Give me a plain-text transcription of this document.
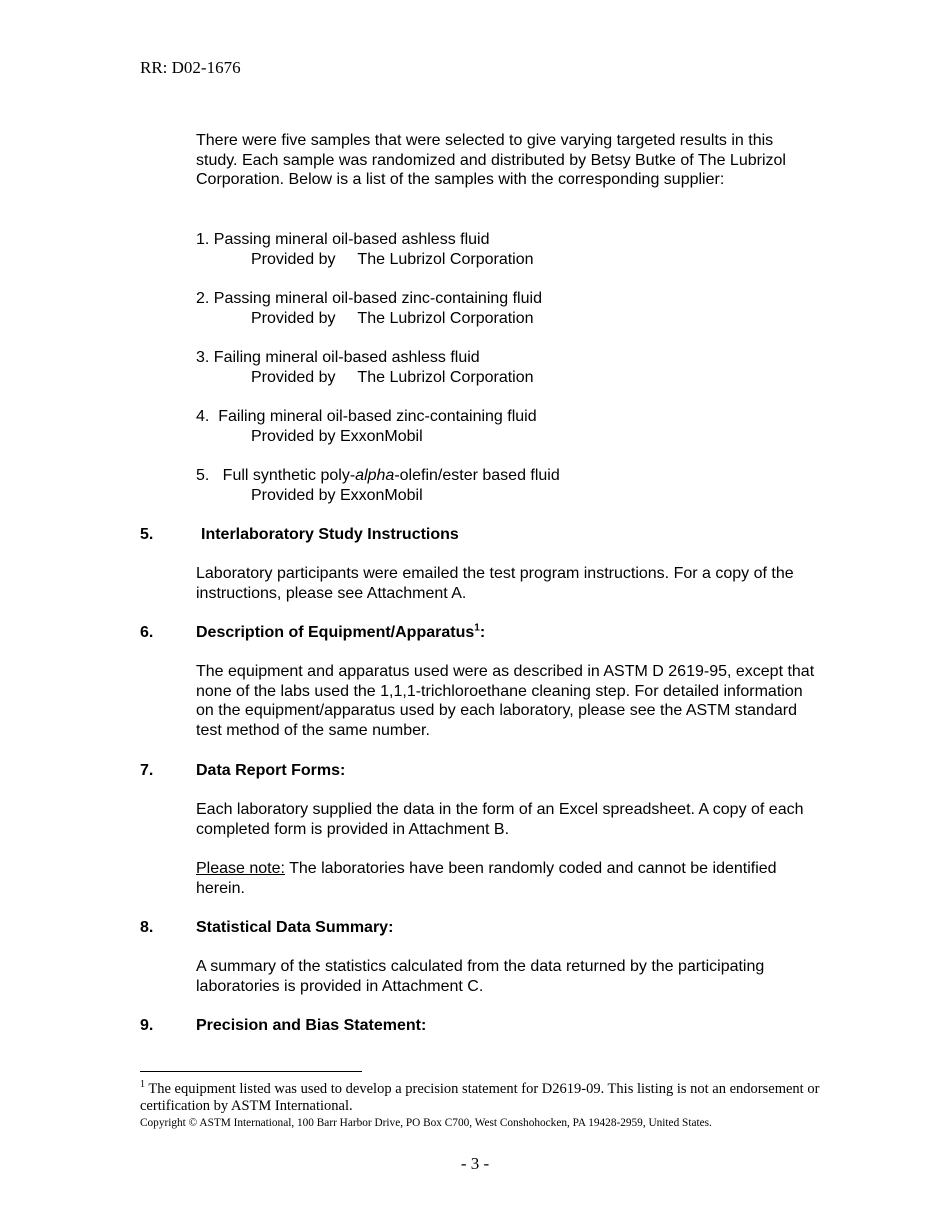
RR: D02-1676
There were five samples that were selected to give varying targeted results in this study. Each sample was randomized and distributed by Betsy Butke of The Lubrizol Corporation. Below is a list of the samples with the corresponding supplier:
1. Passing mineral oil-based ashless fluid
Provided by     The Lubrizol Corporation
2. Passing mineral oil-based zinc-containing fluid
Provided by     The Lubrizol Corporation
3. Failing mineral oil-based ashless fluid
Provided by     The Lubrizol Corporation
4.  Failing mineral oil-based zinc-containing fluid
Provided by ExxonMobil
5.   Full synthetic poly-alpha-olefin/ester based fluid
Provided by ExxonMobil
5.	Interlaboratory Study Instructions
Laboratory participants were emailed the test program instructions. For a copy of the instructions, please see Attachment A.
6.	Description of Equipment/Apparatus$^1$:
The equipment and apparatus used were as described in ASTM D 2619-95, except that none of the labs used the 1,1,1-trichloroethane cleaning step. For detailed information on the equipment/apparatus used by each laboratory, please see the ASTM standard test method of the same number.
7.	Data Report Forms:
Each laboratory supplied the data in the form of an Excel spreadsheet. A copy of each completed form is provided in Attachment B.
Please note: The laboratories have been randomly coded and cannot be identified herein.
8.	Statistical Data Summary:
A summary of the statistics calculated from the data returned by the participating laboratories is provided in Attachment C.
9.	Precision and Bias Statement:
$^1$ The equipment listed was used to develop a precision statement for D2619-09. This listing is not an endorsement or certification by ASTM International.
Copyright © ASTM International, 100 Barr Harbor Drive, PO Box C700, West Conshohocken, PA 19428-2959, United States.
- 3 -
